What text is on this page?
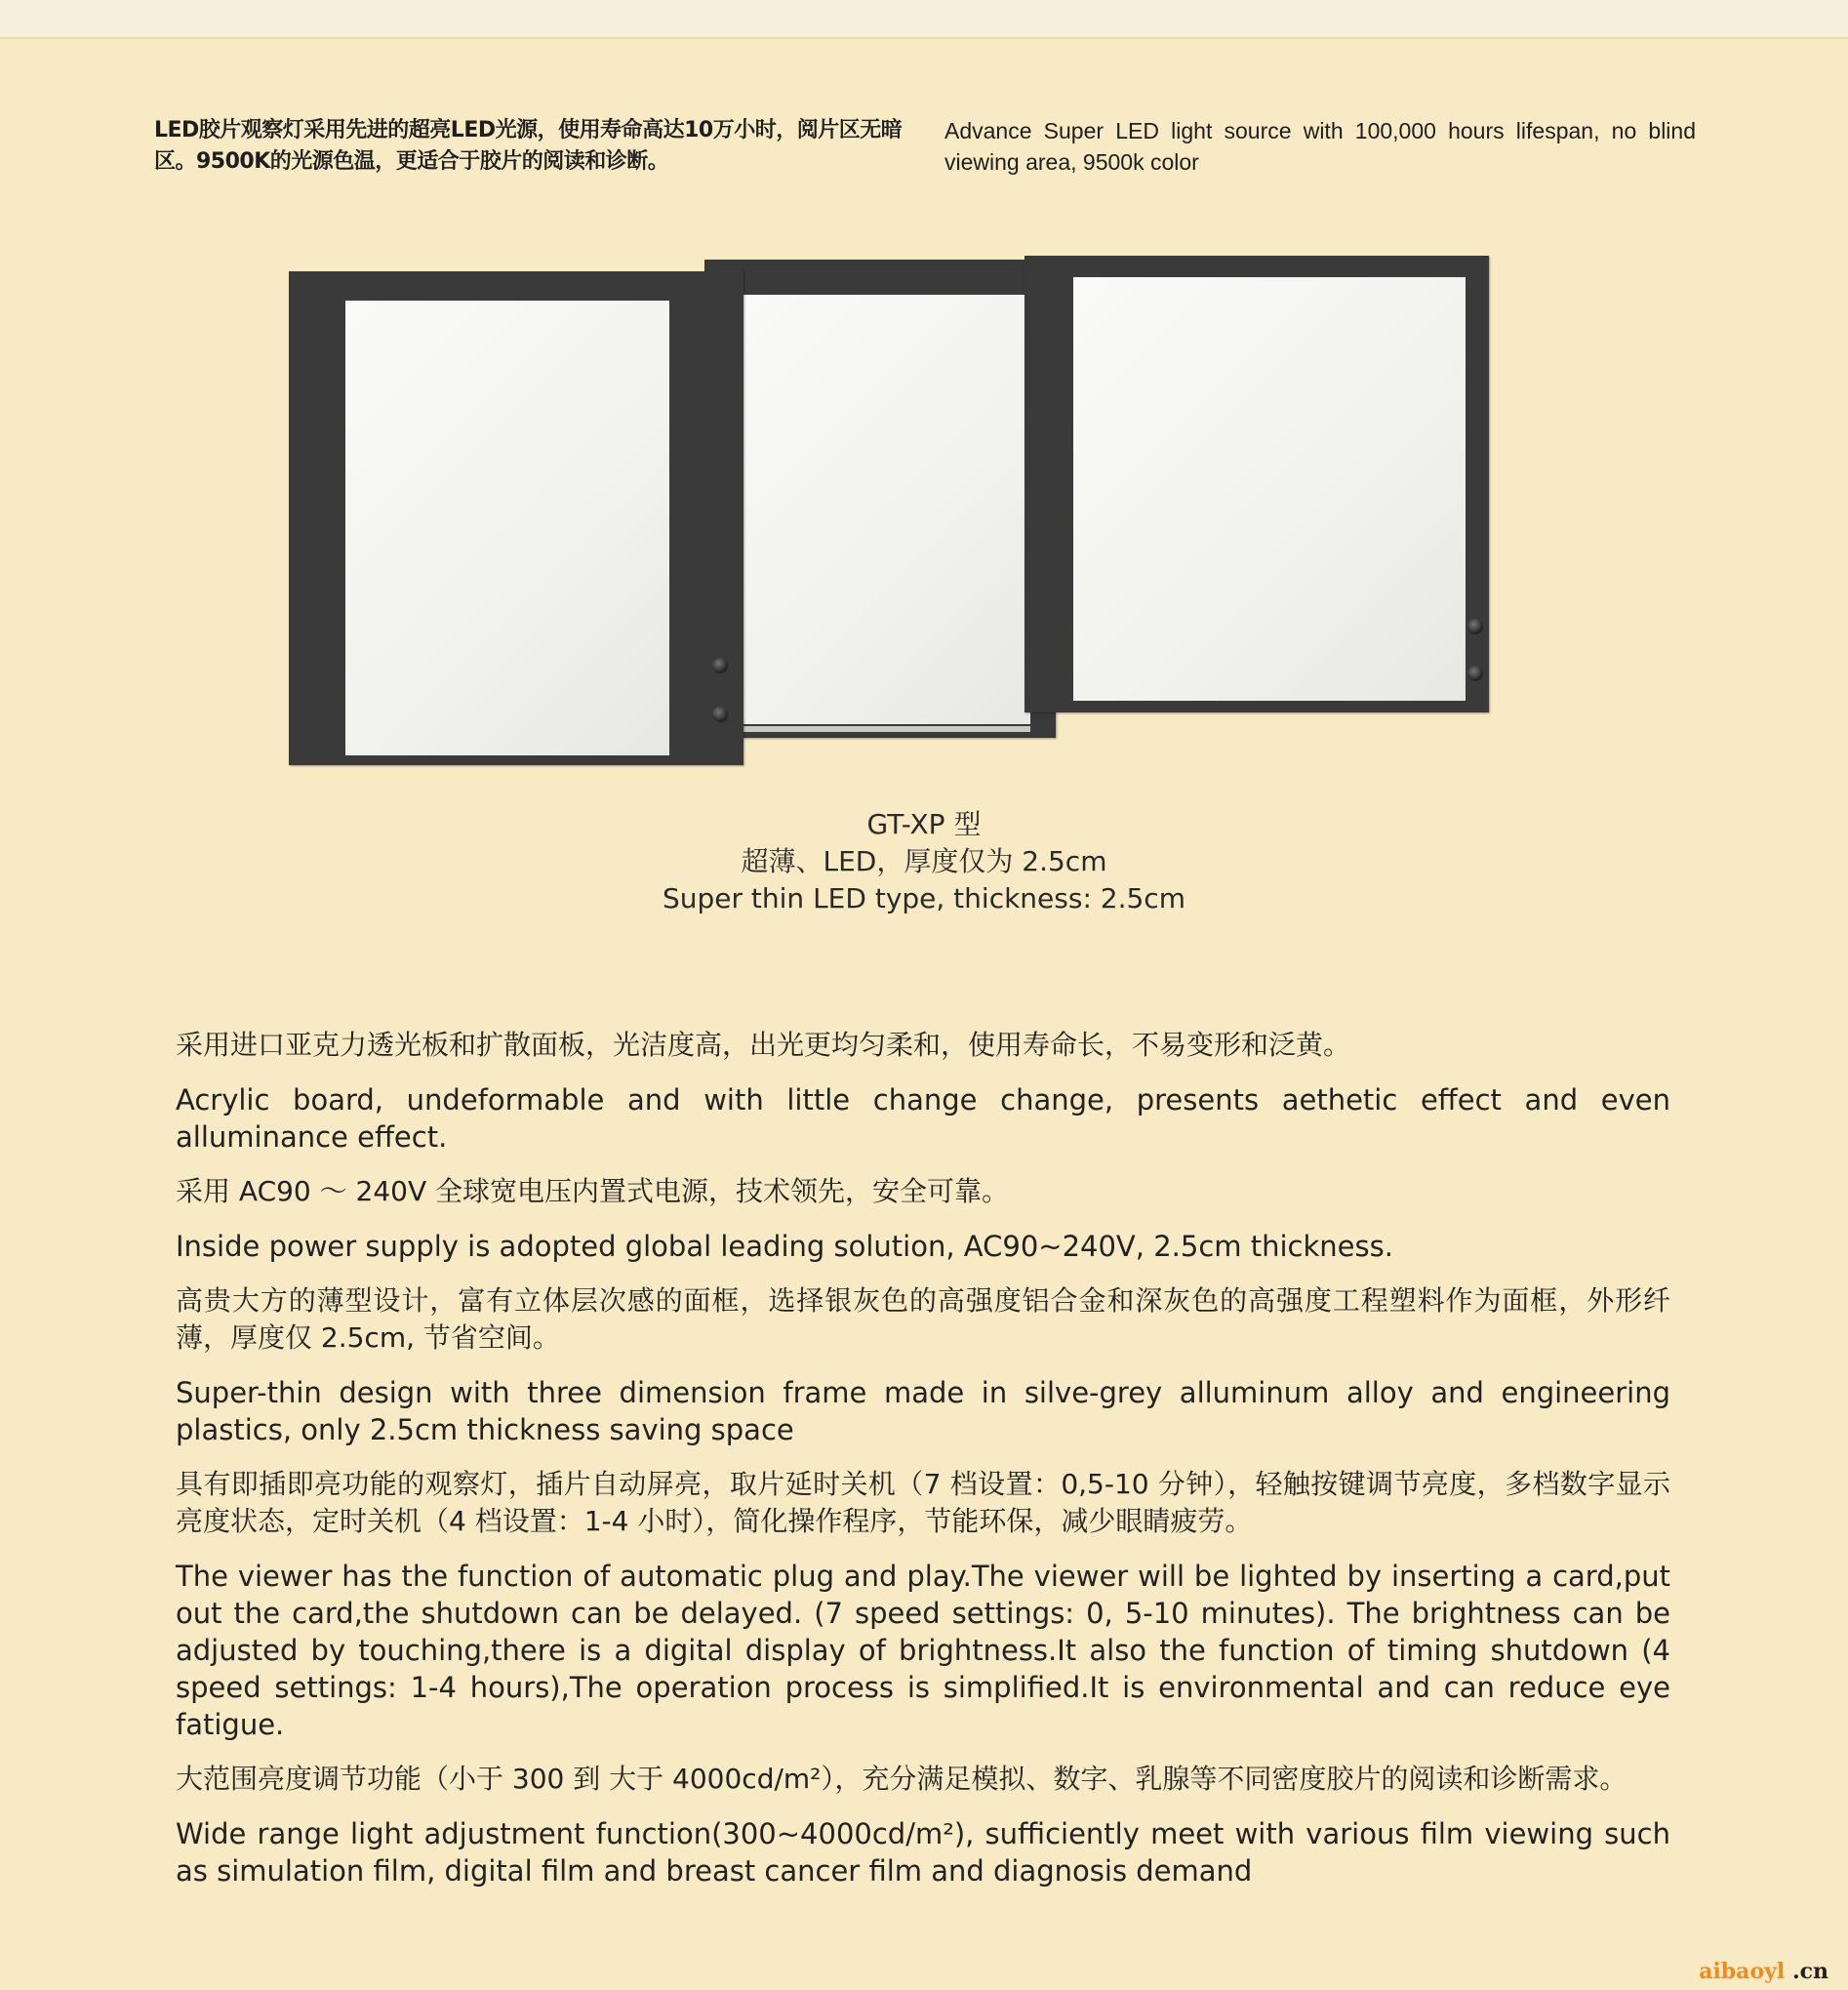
LED胶片观察灯采用先进的超亮LED光源，使用寿命高达10万小时，阅片区无暗区。9500K的光源色温，更适合于胶片的阅读和诊断。
Advance Super LED light source with 100,000 hours lifespan, no blind viewing area, 9500k color
GT-XP 型
超薄、LED，厚度仅为 2.5cm
Super thin LED type, thickness: 2.5cm

采用进口亚克力透光板和扩散面板，光洁度高，出光更均匀柔和，使用寿命长，不易变形和泛黄。

Acrylic board, undeformable and with little change change, presents aethetic effect and even alluminance effect.

采用 AC90 ～ 240V 全球宽电压内置式电源，技术领先，安全可靠。

Inside power supply is adopted global leading solution, AC90~240V, 2.5cm thickness.

高贵大方的薄型设计，富有立体层次感的面框，选择银灰色的高强度铝合金和深灰色的高强度工程塑料作为面框，外形纤薄，厚度仅 2.5cm, 节省空间。

Super-thin design with three dimension frame made in silve-grey alluminum alloy and engineering plastics, only 2.5cm thickness saving space

具有即插即亮功能的观察灯，插片自动屏亮，取片延时关机（7 档设置：0,5-10 分钟），轻触按键调节亮度，多档数字显示亮度状态，定时关机（4 档设置：1-4 小时），简化操作程序，节能环保，减少眼睛疲劳。

The viewer has the function of automatic plug and play.The viewer will be lighted by inserting a card,put out the card,the shutdown can be delayed. (7 speed settings: 0, 5-10 minutes). The brightness can be adjusted by touching,there is a digital display of brightness.It also the function of timing shutdown (4 speed settings: 1-4 hours),The operation process is simplified.It is environmental and can reduce eye fatigue.

大范围亮度调节功能（小于 300 到 大于 4000cd/m²），充分满足模拟、数字、乳腺等不同密度胶片的阅读和诊断需求。

Wide range light adjustment function(300~4000cd/m²), sufficiently meet with various film viewing such as simulation film, digital film and breast cancer film and diagnosis demand

aibaoyl .cn
